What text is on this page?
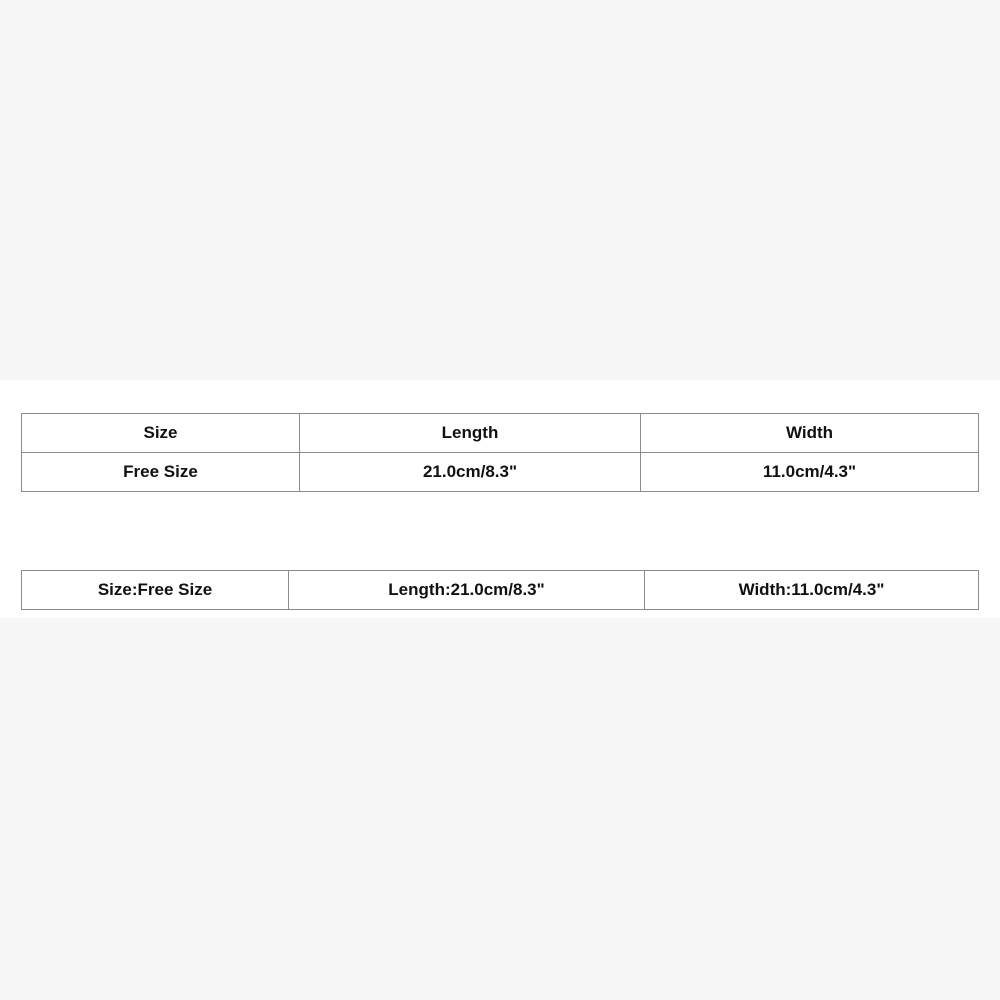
Size	Length	Width
Free Size	21.0cm/8.3"	11.0cm/4.3"
Size:Free Size	Length:21.0cm/8.3"	Width:11.0cm/4.3"
